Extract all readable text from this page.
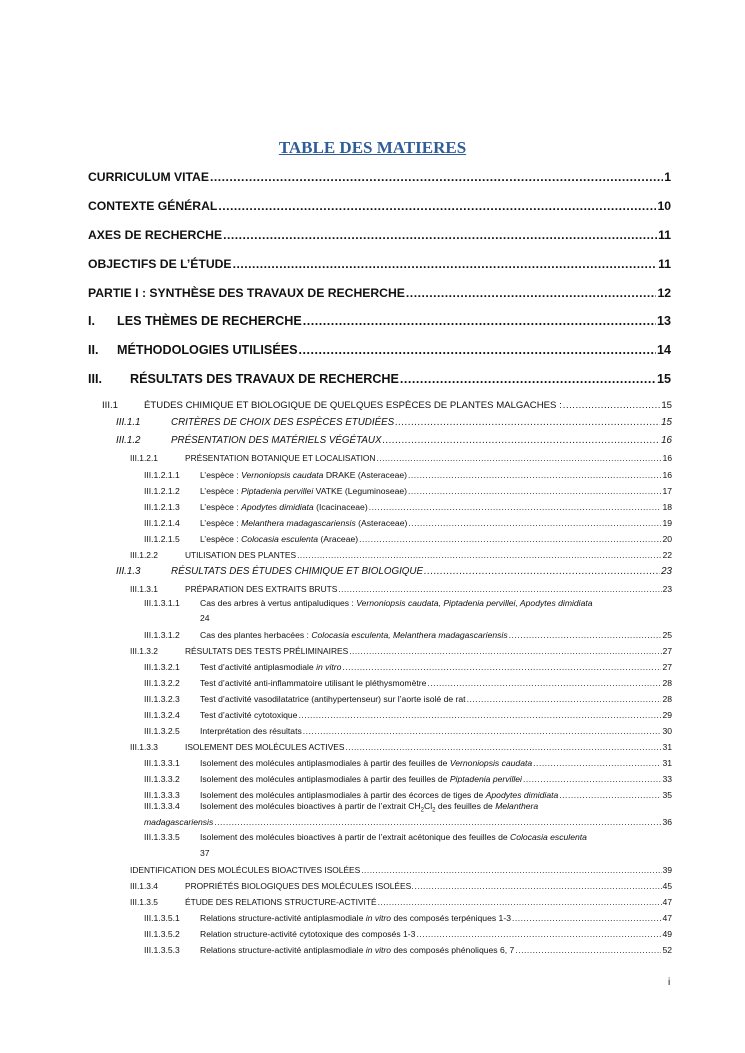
TABLE DES MATIERES
CURRICULUM VITAE .....	1
CONTEXTE GÉNÉRAL .....	10
AXES DE RECHERCHE .....	11
OBJECTIFS DE L’ÉTUDE .....	11
PARTIE I : SYNTHÈSE DES TRAVAUX DE RECHERCHE .....	12
I.	LES THÈMES DE RECHERCHE .....	13
II.	MÉTHODOLOGIES UTILISÉES .....	14
III.	RÉSULTATS DES TRAVAUX DE RECHERCHE .....	15
III.1	ÉTUDES CHIMIQUE ET BIOLOGIQUE DE QUELQUES ESPÈCES DE PLANTES MALGACHES : .....	15
III.1.1	CRITÈRES DE CHOIX DES ESPÈCES ETUDIÉES .....	15
III.1.2	PRÉSENTATION DES MATÉRIELS VÉGÉTAUX .....	16
III.1.2.1	PRÉSENTATION BOTANIQUE ET LOCALISATION .....	16
III.1.2.1.1	L’espèce : Vernoniopsis caudata DRAKE (Asteraceae) .....	16
III.1.2.1.2	L’espèce : Piptadenia pervillei VATKE (Leguminoseae) .....	17
III.1.2.1.3	L’espèce : Apodytes dimidiata (Icacinaceae) .....	18
III.1.2.1.4	L’espèce : Melanthera madagascariensis (Asteraceae) .....	19
III.1.2.1.5	L’espèce : Colocasia esculenta (Araceae) .....	20
III.1.2.2	UTILISATION DES PLANTES .....	22
III.1.3	RÉSULTATS DES ÉTUDES CHIMIQUE ET BIOLOGIQUE .....	23
III.1.3.1	PRÉPARATION DES EXTRAITS BRUTS .....	23
III.1.3.1.1	Cas des arbres à vertus antipaludiques : Vernoniopsis caudata, Piptadenia pervillei, Apodytes dimidiata
24
III.1.3.1.2	Cas des plantes herbacées : Colocasia esculenta, Melanthera madagascariensis .....	25
III.1.3.2	RÉSULTATS DES TESTS PRÉLIMINAIRES .....	27
III.1.3.2.1	Test d’activité antiplasmodiale in vitro .....	27
III.1.3.2.2	Test d’activité anti-inflammatoire utilisant le pléthysmomètre .....	28
III.1.3.2.3	Test d’activité vasodilatatrice (antihypertenseur) sur l’aorte isolé de rat .....	28
III.1.3.2.4	Test d’activité cytotoxique .....	29
III.1.3.2.5	Interprétation des résultats .....	30
III.1.3.3	ISOLEMENT DES MOLÉCULES ACTIVES .....	31
III.1.3.3.1	Isolement des molécules antiplasmodiales à partir des feuilles de Vernoniopsis caudata .....	31
III.1.3.3.2	Isolement des molécules antiplasmodiales à partir des feuilles de Piptadenia pervillei .....	33
III.1.3.3.3	Isolement des molécules antiplasmodiales à partir des écorces de tiges de Apodytes dimidiata .....	35
III.1.3.3.4	Isolement des molécules bioactives à partir de l’extrait $CH_2Cl_2$ des feuilles de Melanthera
madagascariensis .....	36
III.1.3.3.5	Isolement des molécules bioactives à partir de l’extrait acétonique des feuilles de Colocasia esculenta
37
IDENTIFICATION DES MOLÉCULES BIOACTIVES ISOLÉES .....	39
III.1.3.4	PROPRIÉTÉS BIOLOGIQUES DES MOLÉCULES ISOLÉES. .....	45
III.1.3.5	ÉTUDE DES RELATIONS STRUCTURE-ACTIVITÉ .....	47
III.1.3.5.1	Relations structure-activité antiplasmodiale in vitro des composés terpéniques 1-3 .....	47
III.1.3.5.2	Relation structure-activité cytotoxique des composés 1-3 .....	49
III.1.3.5.3	Relations structure-activité antiplasmodiale in vitro des composés phénoliques 6, 7 .....	52
i
